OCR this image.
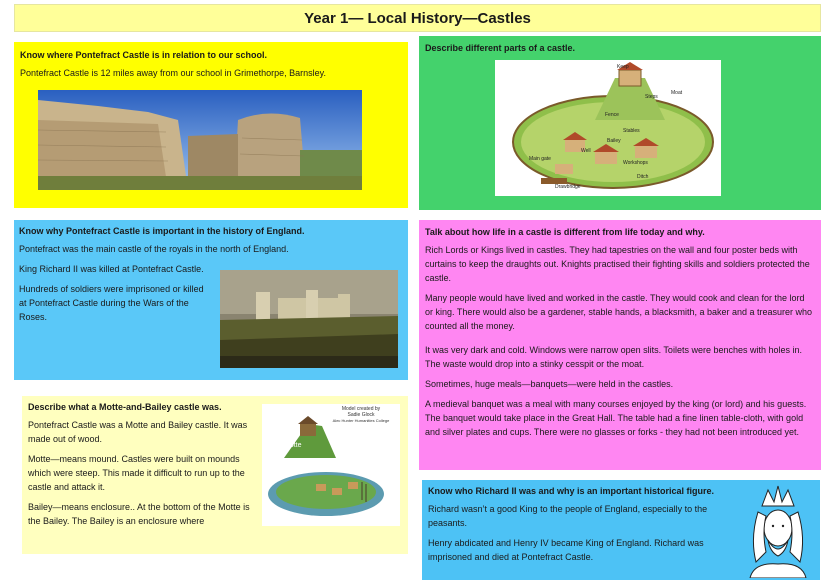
Year 1— Local History—Castles
Know where Pontefract Castle is in relation to our school.
Pontefract Castle is 12 miles away from our school in Grimethorpe, Barnsley.
Describe different parts of a castle.
Keep
Steps
Moat
Fence
Stables
Bailey
Well
Main gate
Workshops
Ditch
Drawbridge
Know why Pontefract Castle is important in the history of England.
Pontefract was the main castle of the royals in the north of England.
King Richard II was killed at Pontefract Castle.
Hundreds of soldiers were imprisoned or killed at Pontefract Castle during the Wars of the Roses.
Talk about how life in a castle is different from life today and why.
Rich Lords or Kings lived in castles. They had tapestries on the wall and four poster beds with curtains to keep the draughts out. Knights practised their fighting skills and soldiers protected the castle.
Many people would have lived and worked in the castle. They would cook and clean for the lord or king. There would also be a gardener, stable hands, a blacksmith, a baker and a treasurer who counted all the money.
It was very dark and cold. Windows were narrow open slits. Toilets were benches with holes in. The waste would drop into a stinky cesspit or the moat.
Sometimes, huge meals—banquets—were held in the castles.
A medieval banquet was a meal with many courses enjoyed by the king (or lord) and his guests. The banquet would take place in the Great Hall. The table had a fine linen table-cloth, with gold and silver plates and cups. There were no glasses or forks - they had not been introduced yet.
Describe what a Motte-and-Bailey castle was.
Pontefract Castle was a Motte and Bailey castle. It was made out of wood.
Motte—means mound. Castles were built on mounds which were steep. This made it difficult to run up to the castle and attack it.
Bailey—means enclosure.. At the bottom of the Motte is the Bailey. The Bailey is an enclosure where
Model created by
Sadie Glock
Alec Hunter Humanities College
Motte
Bailey
Know who Richard II was and why is an important historical figure.
Richard wasn’t a good King to the people of England, especially to the peasants.
Henry abdicated and Henry IV became King of England. Richard was imprisoned and died at Pontefract Castle.
